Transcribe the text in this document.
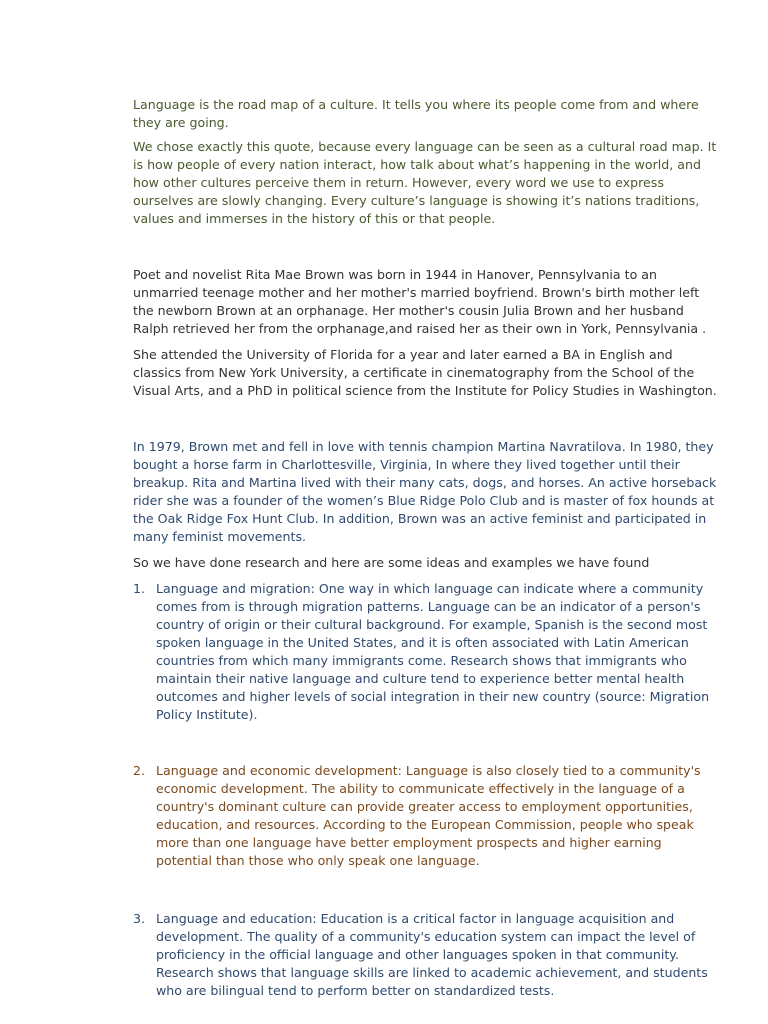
Language is the road map of a culture. It tells you where its people come from and where they are going.

We chose exactly this quote, because every language can be seen as a cultural road map. It is how people of every nation interact, how talk about what’s happening in the world, and how other cultures perceive them in return. However, every word we use to express ourselves are slowly changing. Every culture’s language is showing it’s nations traditions, values and immerses in the history of this or that people.

Poet and novelist Rita Mae Brown was born in 1944 in Hanover, Pennsylvania to an unmarried teenage mother and her mother's married boyfriend. Brown's birth mother left the newborn Brown at an orphanage. Her mother's cousin Julia Brown and her husband Ralph retrieved her from the orphanage,and raised her as their own in York, Pennsylvania .

She attended the University of Florida for a year and later earned a BA in English and classics from New York University, a certificate in cinematography from the School of the Visual Arts, and a PhD in political science from the Institute for Policy Studies in Washington.

In 1979, Brown met and fell in love with tennis champion Martina Navratilova. In 1980, they bought a horse farm in Charlottesville, Virginia, In where they lived together until their breakup. Rita and Martina lived with their many cats, dogs, and horses. An active horseback rider she was a founder of the women’s Blue Ridge Polo Club and is master of fox hounds at the Oak Ridge Fox Hunt Club. In addition, Brown was an active feminist and participated in many feminist movements.

So we have done research and here are some ideas and examples we have found

1. Language and migration: One way in which language can indicate where a community comes from is through migration patterns. Language can be an indicator of a person's country of origin or their cultural background. For example, Spanish is the second most spoken language in the United States, and it is often associated with Latin American countries from which many immigrants come. Research shows that immigrants who maintain their native language and culture tend to experience better mental health outcomes and higher levels of social integration in their new country (source: Migration Policy Institute).
2. Language and economic development: Language is also closely tied to a community's economic development. The ability to communicate effectively in the language of a country's dominant culture can provide greater access to employment opportunities, education, and resources. According to the European Commission, people who speak more than one language have better employment prospects and higher earning potential than those who only speak one language.
3. Language and education: Education is a critical factor in language acquisition and development. The quality of a community's education system can impact the level of proficiency in the official language and other languages spoken in that community. Research shows that language skills are linked to academic achievement, and students who are bilingual tend to perform better on standardized tests.
